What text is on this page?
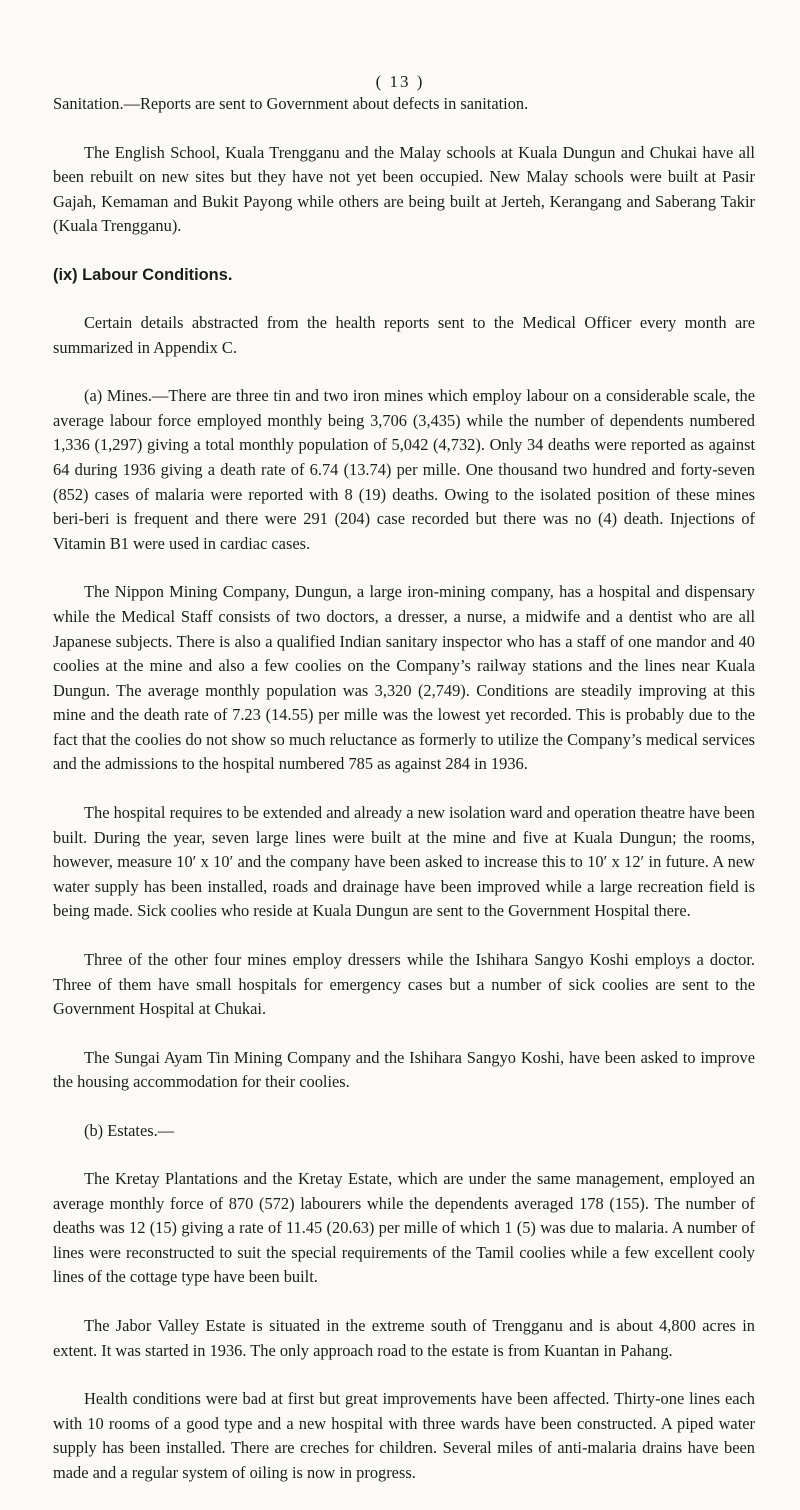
( 13 )

Sanitation.—Reports are sent to Government about defects in sanitation.

The English School, Kuala Trengganu and the Malay schools at Kuala Dungun and Chukai have all been rebuilt on new sites but they have not yet been occupied. New Malay schools were built at Pasir Gajah, Kemaman and Bukit Payong while others are being built at Jerteh, Kerangang and Saberang Takir (Kuala Trengganu).

(ix) Labour Conditions.

Certain details abstracted from the health reports sent to the Medical Officer every month are summarized in Appendix C.

(a) Mines.—There are three tin and two iron mines which employ labour on a considerable scale, the average labour force employed monthly being 3,706 (3,435) while the number of dependents numbered 1,336 (1,297) giving a total monthly population of 5,042 (4,732). Only 34 deaths were reported as against 64 during 1936 giving a death rate of 6.74 (13.74) per mille. One thousand two hundred and forty-seven (852) cases of malaria were reported with 8 (19) deaths. Owing to the isolated position of these mines beri-beri is frequent and there were 291 (204) case recorded but there was no (4) death. Injections of Vitamin B1 were used in cardiac cases.

The Nippon Mining Company, Dungun, a large iron-mining company, has a hospital and dispensary while the Medical Staff consists of two doctors, a dresser, a nurse, a midwife and a dentist who are all Japanese subjects. There is also a qualified Indian sanitary inspector who has a staff of one mandor and 40 coolies at the mine and also a few coolies on the Company’s railway stations and the lines near Kuala Dungun. The average monthly population was 3,320 (2,749). Conditions are steadily improving at this mine and the death rate of 7.23 (14.55) per mille was the lowest yet recorded. This is probably due to the fact that the coolies do not show so much reluctance as formerly to utilize the Company’s medical services and the admissions to the hospital numbered 785 as against 284 in 1936.

The hospital requires to be extended and already a new isolation ward and operation theatre have been built. During the year, seven large lines were built at the mine and five at Kuala Dungun; the rooms, however, measure 10′ x 10′ and the company have been asked to increase this to 10′ x 12′ in future. A new water supply has been installed, roads and drainage have been improved while a large recreation field is being made. Sick coolies who reside at Kuala Dungun are sent to the Government Hospital there.

Three of the other four mines employ dressers while the Ishihara Sangyo Koshi employs a doctor. Three of them have small hospitals for emergency cases but a number of sick coolies are sent to the Government Hospital at Chukai.

The Sungai Ayam Tin Mining Company and the Ishihara Sangyo Koshi, have been asked to improve the housing accommodation for their coolies.

(b) Estates.—

The Kretay Plantations and the Kretay Estate, which are under the same management, employed an average monthly force of 870 (572) labourers while the dependents averaged 178 (155). The number of deaths was 12 (15) giving a rate of 11.45 (20.63) per mille of which 1 (5) was due to malaria. A number of lines were reconstructed to suit the special requirements of the Tamil coolies while a few excellent cooly lines of the cottage type have been built.

The Jabor Valley Estate is situated in the extreme south of Trengganu and is about 4,800 acres in extent. It was started in 1936. The only approach road to the estate is from Kuantan in Pahang.

Health conditions were bad at first but great improvements have been affected. Thirty-one lines each with 10 rooms of a good type and a new hospital with three wards have been constructed. A piped water supply has been installed. There are creches for children. Several miles of anti-malaria drains have been made and a regular system of oiling is now in progress.
